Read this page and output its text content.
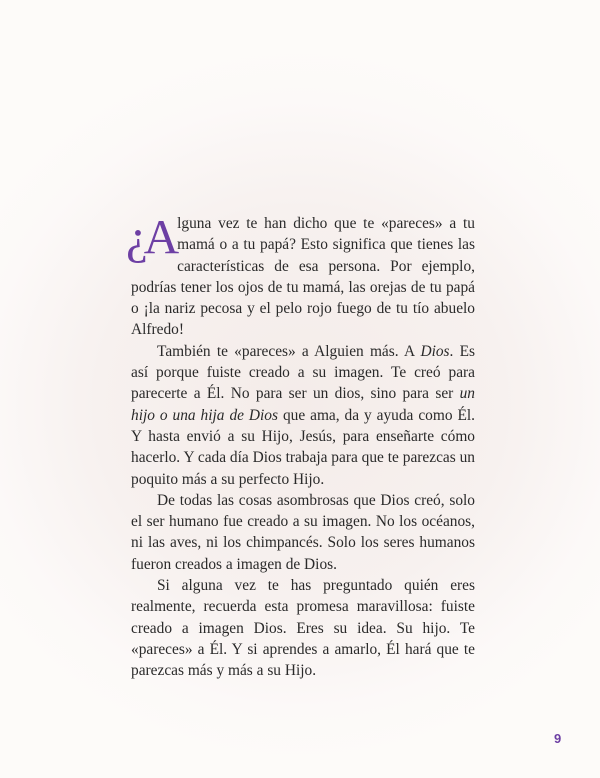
¿A lguna vez te han dicho que te «pareces» a tu mamá o a tu papá? Esto significa que tienes las características de esa persona. Por ejemplo, podrías tener los ojos de tu mamá, las orejas de tu papá o ¡la nariz pecosa y el pelo rojo fuego de tu tío abuelo Alfredo!

También te «pareces» a Alguien más. A Dios. Es así porque fuiste creado a su imagen. Te creó para parecerte a Él. No para ser un dios, sino para ser un hijo o una hija de Dios que ama, da y ayuda como Él. Y hasta envió a su Hijo, Jesús, para enseñarte cómo hacerlo. Y cada día Dios trabaja para que te parezcas un poquito más a su perfecto Hijo.

De todas las cosas asombrosas que Dios creó, solo el ser humano fue creado a su imagen. No los océanos, ni las aves, ni los chimpancés. Solo los seres humanos fueron creados a imagen de Dios.

Si alguna vez te has preguntado quién eres realmente, recuerda esta promesa maravillosa: fuiste creado a imagen Dios. Eres su idea. Su hijo. Te «pareces» a Él. Y si aprendes a amarlo, Él hará que te parezcas más y más a su Hijo.

9
